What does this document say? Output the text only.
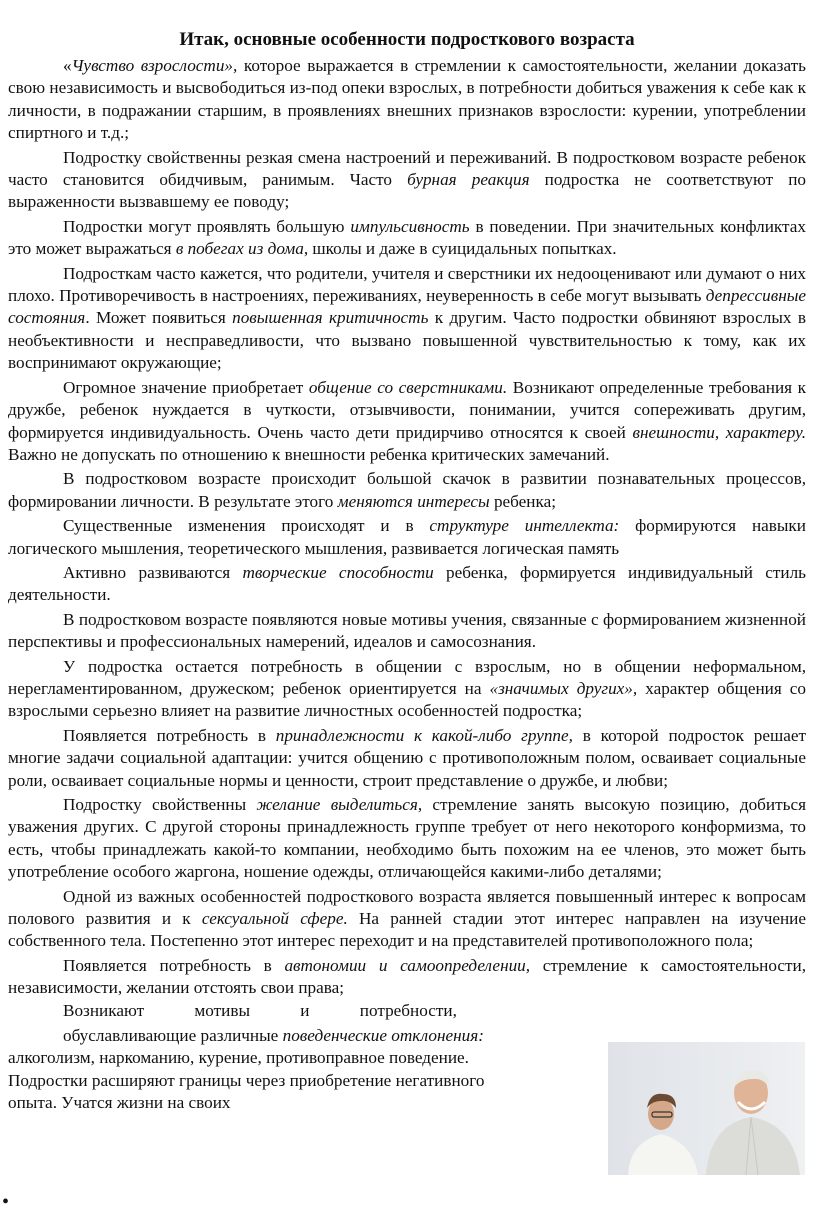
Итак, основные особенности подросткового возраста

«Чувство взрослости», которое выражается в стремлении к самостоятельности, желании доказать свою независимость и высвободиться из-под опеки взрослых, в потребности добиться уважения к себе как к личности, в подражании старшим, в проявлениях внешних признаков взрослости: курении, употреблении спиртного и т.д.;

Подростку свойственны резкая смена настроений и переживаний. В подростковом возрасте ребенок часто становится обидчивым, ранимым. Часто бурная реакция подростка не соответствуют по выраженности вызвавшему ее поводу;

Подростки могут проявлять большую импульсивность в поведении. При значительных конфликтах это может выражаться в побегах из дома, школы и даже в суицидальных попытках.

Подросткам часто кажется, что родители, учителя и сверстники их недооценивают или думают о них плохо. Противоречивость в настроениях, переживаниях, неуверенность в себе могут вызывать депрессивные состояния. Может появиться повышенная критичность к другим. Часто подростки обвиняют взрослых в необъективности и несправедливости, что вызвано повышенной чувствительностью к тому, как их воспринимают окружающие;

Огромное значение приобретает общение со сверстниками. Возникают определенные требования к дружбе, ребенок нуждается в чуткости, отзывчивости, понимании, учится сопереживать другим, формируется индивидуальность. Очень часто дети придирчиво относятся к своей внешности, характеру. Важно не допускать по отношению к внешности ребенка критических замечаний.

В подростковом возрасте происходит большой скачок в развитии познавательных процессов, формировании личности. В результате этого меняются интересы ребенка;

Существенные изменения происходят и в структуре интеллекта: формируются навыки логического мышления, теоретического мышления, развивается логическая память

Активно развиваются творческие способности ребенка, формируется индивидуальный стиль деятельности.

В подростковом возрасте появляются новые мотивы учения, связанные с формированием жизненной перспективы и профессиональных намерений, идеалов и самосознания.

У подростка остается потребность в общении с взрослым, но в общении неформальном, нерегламентированном, дружеском; ребенок ориентируется на «значимых других», характер общения со взрослыми серьезно влияет на развитие личностных особенностей подростка;

Появляется потребность в принадлежности к какой-либо группе, в которой подросток решает многие задачи социальной адаптации: учится общению с противоположным полом, осваивает социальные роли, осваивает социальные нормы и ценности, строит представление о дружбе, и любви;

Подростку свойственны желание выделиться, стремление занять высокую позицию, добиться уважения других. С другой стороны принадлежность группе требует от него некоторого конформизма, то есть, чтобы принадлежать какой-то компании, необходимо быть похожим на ее членов, это может быть употребление особого жаргона, ношение одежды, отличающейся какими-либо деталями;

Одной из важных особенностей подросткового возраста является повышенный интерес к вопросам полового развития и к сексуальной сфере. На ранней стадии этот интерес направлен на изучение собственного тела. Постепенно этот интерес переходит и на представителей противоположного пола;

Появляется потребность в автономии и самоопределении, стремление к самостоятельности, независимости, желании отстоять свои права;

Возникают мотивы и потребности,

обуславливающие различные поведенческие отклонения:

алкоголизм, наркоманию, курение, противоправное поведение.

Подростки расширяют границы через приобретение негативного

опыта. Учатся жизни на своих

•
